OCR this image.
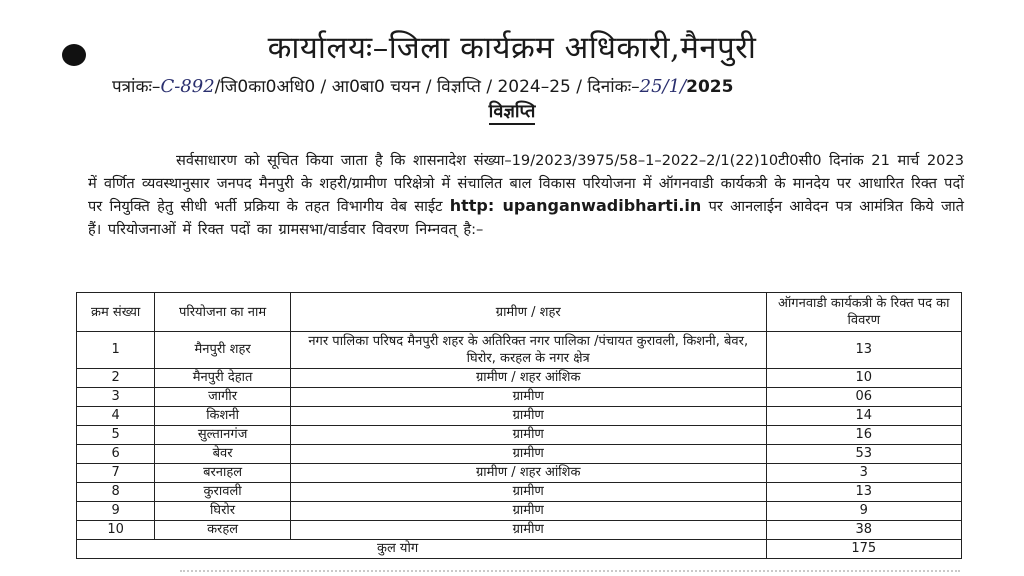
कार्यालयः–जिला कार्यक्रम अधिकारी,मैनपुरी
पत्रांकः–C-892/जि0का0अधि0 / आ0बा0 चयन / विज्ञप्ति / 2024–25 / दिनांकः–25/1/2025
विज्ञप्ति
सर्वसाधारण को सूचित किया जाता है कि शासनादेश संख्या–19/2023/3975/58–1–2022–2/1(22)10टी0सी0 दिनांक 21 मार्च 2023 में वर्णित व्यवस्थानुसार जनपद मैनपुरी के शहरी/ग्रामीण परिक्षेत्रो में संचालित बाल विकास परियोजना में ऑगनवाडी कार्यकत्री के मानदेय पर आधारित रिक्त पदों पर नियुक्ति हेतु सीधी भर्ती प्रक्रिया के तहत विभागीय वेब साईट http: upanganwadibharti.in पर आनलाईन आवेदन पत्र आमंत्रित किये जाते हैं। परियोजनाओं में रिक्त पदों का ग्रामसभा/वार्डवार विवरण निम्नवत् है:–
क्रम संख्या	परियोजना का नाम	ग्रामीण / शहर	ऑगनवाडी कार्यकत्री के रिक्त पद का विवरण
1	मैनपुरी शहर	नगर पालिका परिषद मैनपुरी शहर के अतिरिक्त नगर पालिका /पंचायत कुरावली, किशनी, बेवर, घिरोर, करहल के नगर क्षेत्र	13
2	मैनपुरी देहात	ग्रामीण / शहर आंशिक	10
3	जागीर	ग्रामीण	06
4	किशनी	ग्रामीण	14
5	सुल्तानगंज	ग्रामीण	16
6	बेवर	ग्रामीण	53
7	बरनाहल	ग्रामीण / शहर आंशिक	3
8	कुरावली	ग्रामीण	13
9	घिरोर	ग्रामीण	9
10	करहल	ग्रामीण	38
कुल योग			175
